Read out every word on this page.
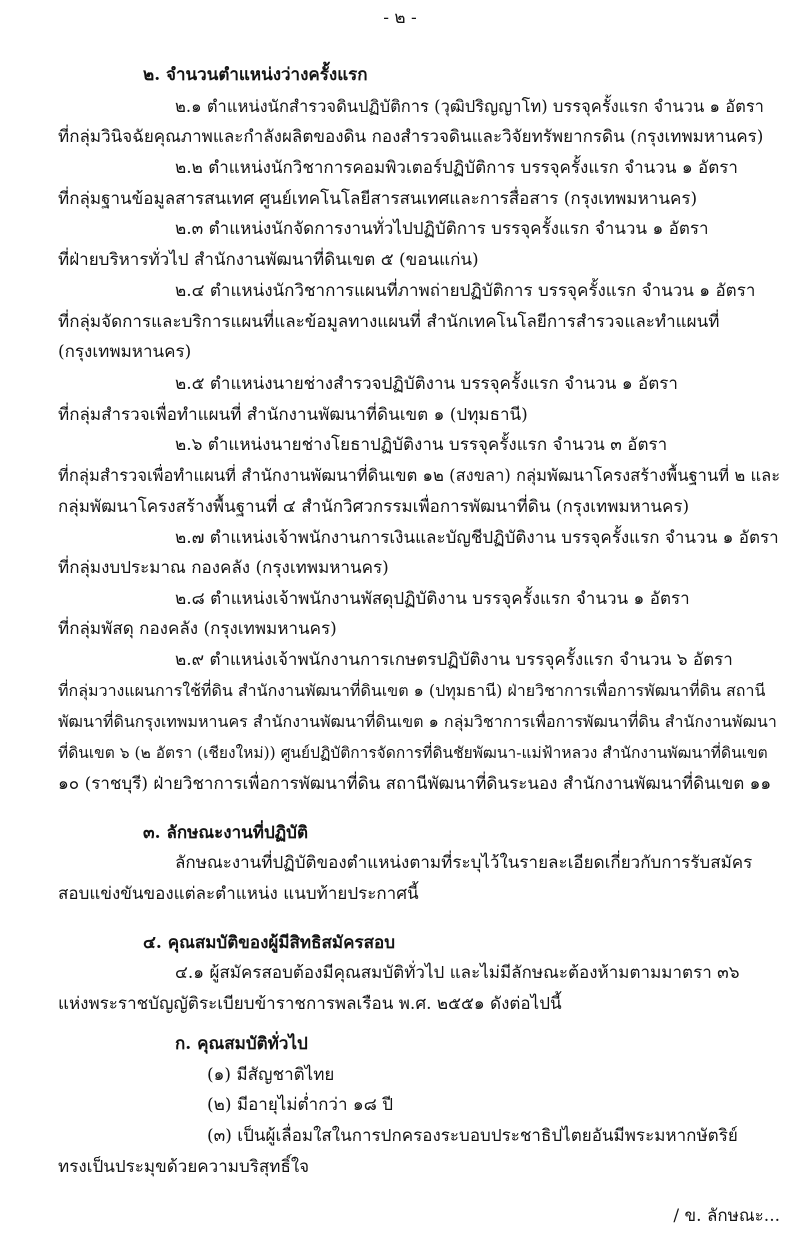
- ๒ -
๒. จำนวนตำแหน่งว่างครั้งแรก
๒.๑ ตำแหน่งนักสำรวจดินปฏิบัติการ (วุฒิปริญญาโท) บรรจุครั้งแรก จำนวน ๑ อัตรา
ที่กลุ่มวินิจฉัยคุณภาพและกำลังผลิตของดิน กองสำรวจดินและวิจัยทรัพยากรดิน (กรุงเทพมหานคร)
๒.๒ ตำแหน่งนักวิชาการคอมพิวเตอร์ปฏิบัติการ บรรจุครั้งแรก จำนวน ๑ อัตรา
ที่กลุ่มฐานข้อมูลสารสนเทศ ศูนย์เทคโนโลยีสารสนเทศและการสื่อสาร (กรุงเทพมหานคร)
๒.๓ ตำแหน่งนักจัดการงานทั่วไปปฏิบัติการ บรรจุครั้งแรก จำนวน ๑ อัตรา
ที่ฝ่ายบริหารทั่วไป สำนักงานพัฒนาที่ดินเขต ๕ (ขอนแก่น)
๒.๔ ตำแหน่งนักวิชาการแผนที่ภาพถ่ายปฏิบัติการ บรรจุครั้งแรก จำนวน ๑ อัตรา
ที่กลุ่มจัดการและบริการแผนที่และข้อมูลทางแผนที่ สำนักเทคโนโลยีการสำรวจและทำแผนที่
(กรุงเทพมหานคร)
๒.๕ ตำแหน่งนายช่างสำรวจปฏิบัติงาน บรรจุครั้งแรก จำนวน ๑ อัตรา
ที่กลุ่มสำรวจเพื่อทำแผนที่ สำนักงานพัฒนาที่ดินเขต ๑ (ปทุมธานี)
๒.๖ ตำแหน่งนายช่างโยธาปฏิบัติงาน บรรจุครั้งแรก จำนวน ๓ อัตรา
ที่กลุ่มสำรวจเพื่อทำแผนที่ สำนักงานพัฒนาที่ดินเขต ๑๒ (สงขลา) กลุ่มพัฒนาโครงสร้างพื้นฐานที่ ๒ และ
กลุ่มพัฒนาโครงสร้างพื้นฐานที่ ๔ สำนักวิศวกรรมเพื่อการพัฒนาที่ดิน (กรุงเทพมหานคร)
๒.๗ ตำแหน่งเจ้าพนักงานการเงินและบัญชีปฏิบัติงาน บรรจุครั้งแรก จำนวน ๑ อัตรา
ที่กลุ่มงบประมาณ กองคลัง (กรุงเทพมหานคร)
๒.๘ ตำแหน่งเจ้าพนักงานพัสดุปฏิบัติงาน บรรจุครั้งแรก จำนวน ๑ อัตรา
ที่กลุ่มพัสดุ กองคลัง (กรุงเทพมหานคร)
๒.๙ ตำแหน่งเจ้าพนักงานการเกษตรปฏิบัติงาน บรรจุครั้งแรก จำนวน ๖ อัตรา
ที่กลุ่มวางแผนการใช้ที่ดิน สำนักงานพัฒนาที่ดินเขต ๑ (ปทุมธานี) ฝ่ายวิชาการเพื่อการพัฒนาที่ดิน สถานี
พัฒนาที่ดินกรุงเทพมหานคร สำนักงานพัฒนาที่ดินเขต ๑ กลุ่มวิชาการเพื่อการพัฒนาที่ดิน สำนักงานพัฒนา
ที่ดินเขต ๖ (๒ อัตรา (เชียงใหม่)) ศูนย์ปฏิบัติการจัดการที่ดินชัยพัฒนา-แม่ฟ้าหลวง สำนักงานพัฒนาที่ดินเขต
๑๐ (ราชบุรี) ฝ่ายวิชาการเพื่อการพัฒนาที่ดิน สถานีพัฒนาที่ดินระนอง สำนักงานพัฒนาที่ดินเขต ๑๑
๓. ลักษณะงานที่ปฏิบัติ
ลักษณะงานที่ปฏิบัติของตำแหน่งตามที่ระบุไว้ในรายละเอียดเกี่ยวกับการรับสมัคร
สอบแข่งขันของแต่ละตำแหน่ง แนบท้ายประกาศนี้
๔. คุณสมบัติของผู้มีสิทธิสมัครสอบ
๔.๑ ผู้สมัครสอบต้องมีคุณสมบัติทั่วไป และไม่มีลักษณะต้องห้ามตามมาตรา ๓๖
แห่งพระราชบัญญัติระเบียบข้าราชการพลเรือน พ.ศ. ๒๕๕๑ ดังต่อไปนี้
ก. คุณสมบัติทั่วไป
(๑) มีสัญชาติไทย
(๒) มีอายุไม่ต่ำกว่า ๑๘ ปี
(๓) เป็นผู้เลื่อมใสในการปกครองระบอบประชาธิปไตยอันมีพระมหากษัตริย์
ทรงเป็นประมุขด้วยความบริสุทธิ์ใจ
/ ข. ลักษณะ...
